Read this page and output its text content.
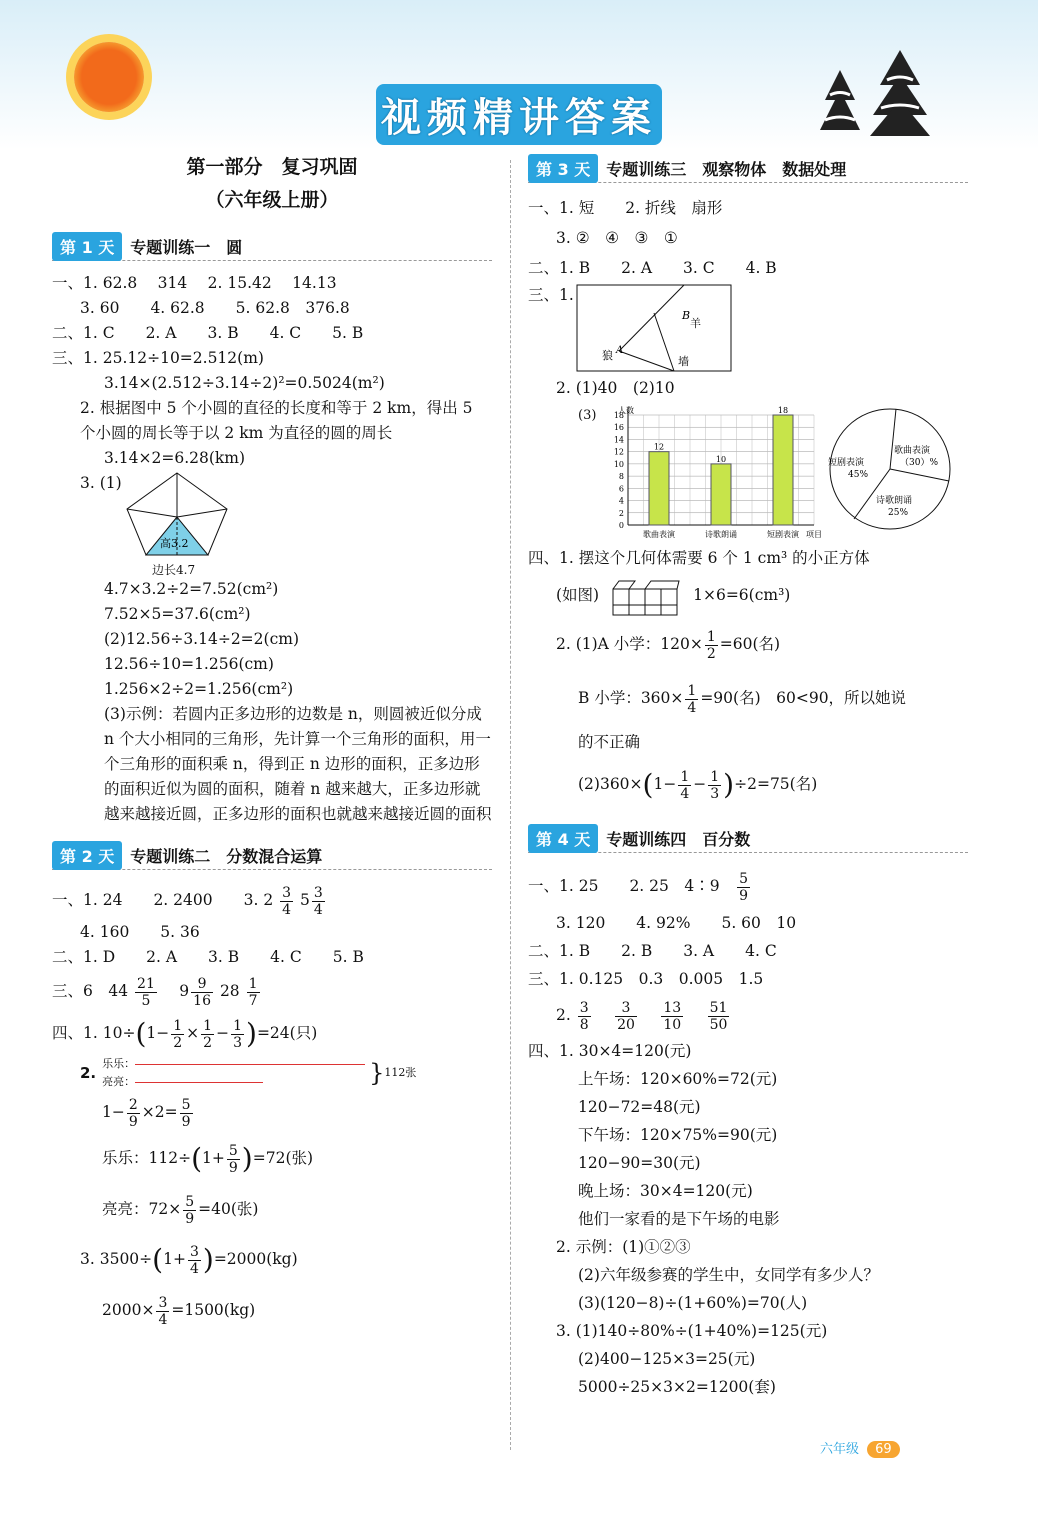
视频精讲答案

第一部分　复习巩固

（六年级上册）

第 1 天	专题训练一　圆
一、1. 62.8　 314　 2. 15.42　 14.13
3. 60　　4. 62.8　　5. 62.8　376.8
二、1. C　　2. A　　3. B　　4. C　　5. B
三、1. 25.12÷10=2.512(m)
3.14×(2.512÷3.14÷2)²=0.5024(m²)
2. 根据图中 5 个小圆的直径的长度和等于 2 km，得出 5 个小圆的周长等于以 2 km 为直径的圆的周长
3.14×2=6.28(km)
3. (1)
高3.2
边长4.7
4.7×3.2÷2=7.52(cm²)
7.52×5=37.6(cm²)
(2)12.56÷3.14÷2=2(cm)
12.56÷10=1.256(cm)
1.256×2÷2=1.256(cm²)
(3)示例：若圆内正多边形的边数是 n，则圆被近似分成 n 个大小相同的三角形，先计算一个三角形的面积，用一个三角形的面积乘 n，得到正 n 边形的面积，正多边形的面积近似为圆的面积，随着 n 越来越大，正多边形就越来越接近圆，正多边形的面积也就越来越接近圆的面积
第 2 天	专题训练二　分数混合运算
一、1. 24　　2. 2400　　3. $2 \frac{3}{4} 5 \frac{3}{4}$
4. 160　　5. 36
二、1. D　　2. A　　3. B　　4. C　　5. B
三、6　$44 \frac{21}{5}$
　 $9 \frac{9}{16} 28 \frac{1}{7}$
四、1. $10\div(1- \frac{1}{2} \times \frac{1}{2} - \frac{1}{3} )=24$(只)
2.
乐乐：
亮亮：	} 112张
$1- \frac{2}{9} \times 2= \frac{5}{9}$
乐乐：$112\div(1+ \frac{5}{9} )=72$(张)
亮亮：$72\times \frac{5}{9} =40$(张)
3. $3500\div(1+ \frac{3}{4} )=2000(kg)$
$2000\times \frac{3}{4} =1500(kg)$
第 3 天	专题训练三　观察物体　数据处理
一、1. 短　　2. 折线　扇形
3. ②　④　③　①
二、1. B　　2. A　　3. C　　4. B
三、1.
B
羊
狼 A
墙
2. (1)40　(2)10
(3)
0
2
4
6
8
10
12
14
16
18
人数
项目
12
歌曲表演
10
诗歌朗诵
18
短剧表演
短剧表演
45%
歌曲表演
（30）%
诗歌朗诵
25%
四、1. 摆这个几何体需要 6 个 1 cm³ 的小正方体
(如图)	1×6=6(cm³)
2. (1)A 小学：$120\times \frac{1}{2} =60$(名)
B 小学：$360\times \frac{1}{4} =90$(名)　60<90，所以她说
的不正确
$(2)360\times(1- \frac{1}{4} - \frac{1}{3} )\div 2=75$(名)
第 4 天	专题训练四　百分数
一、1. 25　　2. 25　4∶9　 $\frac{5}{9}$
3. 120　　4. 92%　　5. 60　10
二、1. B　　2. B　　3. A　　4. C
三、1. 0.125　0.3　0.005　1.5
2. $\frac{3}{8}$
　 $\frac{3}{20}$
　 $\frac{13}{10}$
　 $\frac{51}{50}$
四、1. 30×4=120(元)
上午场：120×60%=72(元)
120−72=48(元)
下午场：120×75%=90(元)
120−90=30(元)
晚上场：30×4=120(元)
他们一家看的是下午场的电影
2. 示例：(1)①②③
(2)六年级参赛的学生中，女同学有多少人？
(3)(120−8)÷(1+60%)=70(人)
3. (1)140÷80%÷(1+40%)=125(元)
(2)400−125×3=25(元)
5000÷25×3×2=1200(套)
六年级 69
